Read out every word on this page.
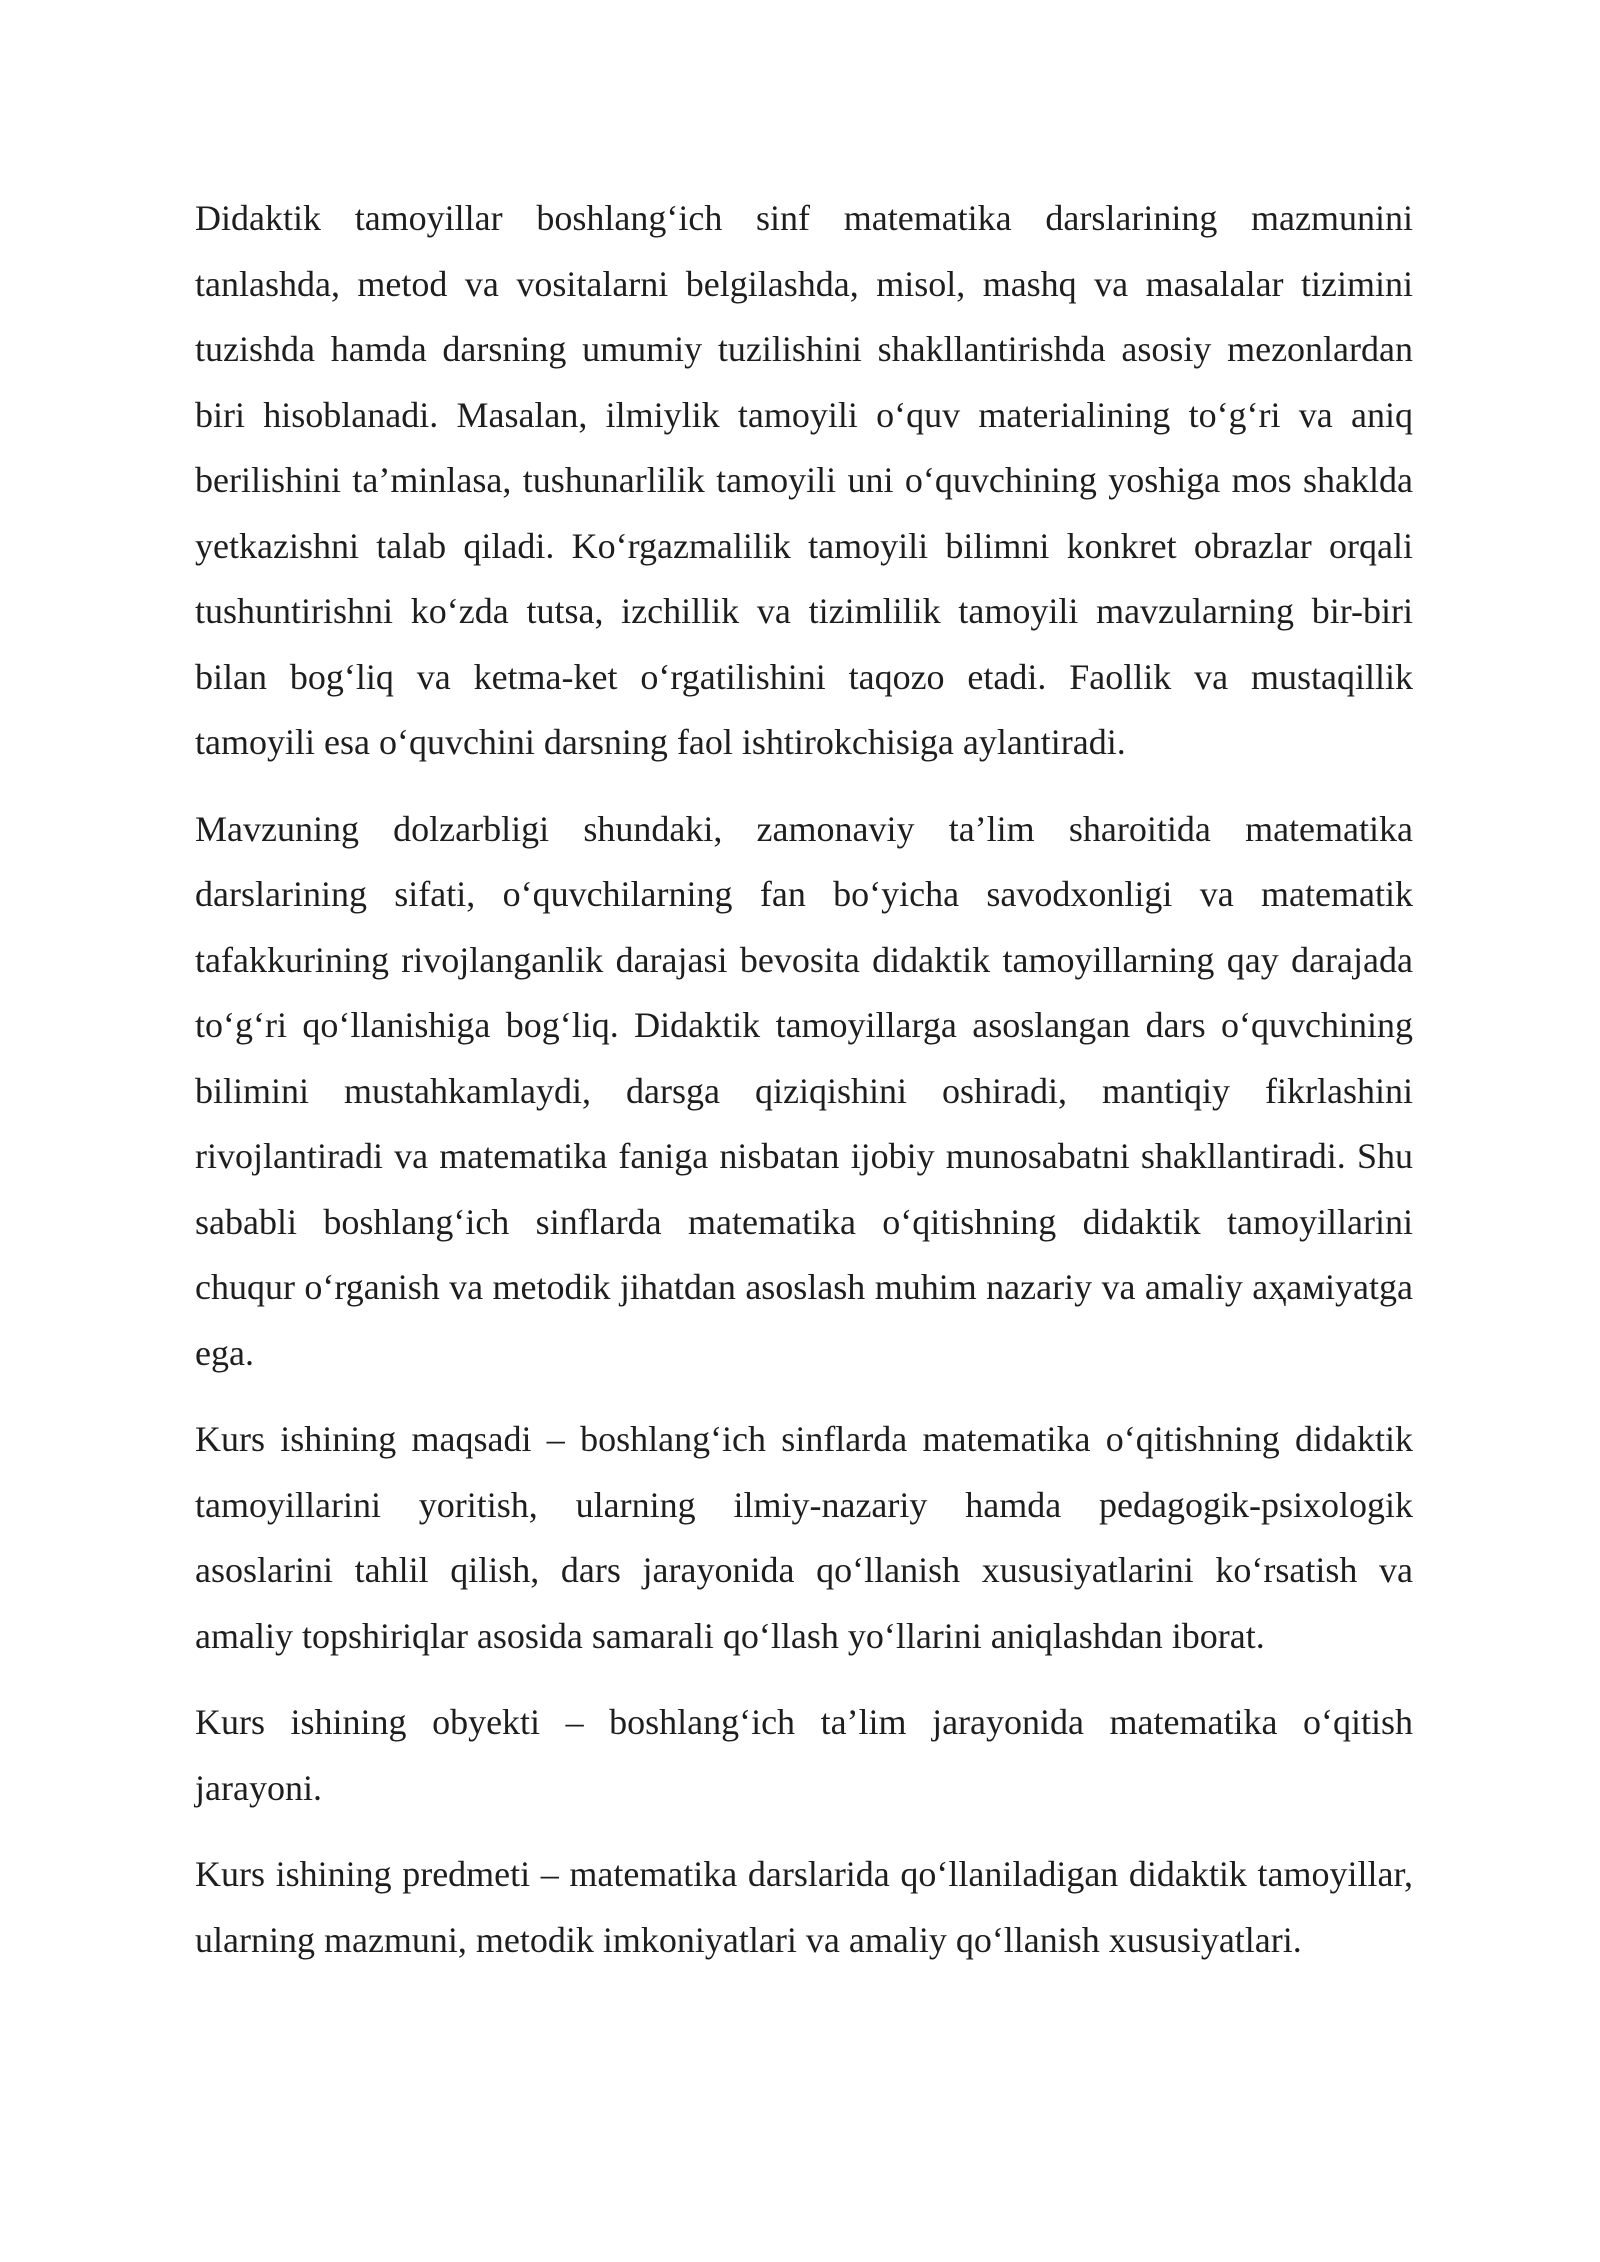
Didaktik tamoyillar boshlang‘ich sinf matematika darslarining mazmunini tanlashda, metod va vositalarni belgilashda, misol, mashq va masalalar tizimini tuzishda hamda darsning umumiy tuzilishini shakllantirishda asosiy mezonlardan biri hisoblanadi. Masalan, ilmiylik tamoyili o‘quv materialining to‘g‘ri va aniq berilishini ta’minlasa, tushunarlilik tamoyili uni o‘quvchining yoshiga mos shaklda yetkazishni talab qiladi. Ko‘rgazmalilik tamoyili bilimni konkret obrazlar orqali tushuntirishni ko‘zda tutsa, izchillik va tizimlilik tamoyili mavzularning bir-biri bilan bog‘liq va ketma-ket o‘rgatilishini taqozo etadi. Faollik va mustaqillik tamoyili esa o‘quvchini darsning faol ishtirokchisiga aylantiradi.

Mavzuning dolzarbligi shundaki, zamonaviy ta’lim sharoitida matematika darslarining sifati, o‘quvchilarning fan bo‘yicha savodxonligi va matematik tafakkurining rivojlanganlik darajasi bevosita didaktik tamoyillarning qay darajada to‘g‘ri qo‘llanishiga bog‘liq. Didaktik tamoyillarga asoslangan dars o‘quvchining bilimini mustahkamlaydi, darsga qiziqishini oshiradi, mantiqiy fikrlashini rivojlantiradi va matematika faniga nisbatan ijobiy munosabatni shakllantiradi. Shu sababli boshlang‘ich sinflarda matematika o‘qitishning didaktik tamoyillarini chuqur o‘rganish va metodik jihatdan asoslash muhim nazariy va amaliy aҳамiyatga ega.

Kurs ishining maqsadi – boshlang‘ich sinflarda matematika o‘qitishning didaktik tamoyillarini yoritish, ularning ilmiy-nazariy hamda pedagogik-psixologik asoslarini tahlil qilish, dars jarayonida qo‘llanish xususiyatlarini ko‘rsatish va amaliy topshiriqlar asosida samarali qo‘llash yo‘llarini aniqlashdan iborat.

Kurs ishining obyekti – boshlang‘ich ta’lim jarayonida matematika o‘qitish jarayoni.

Kurs ishining predmeti – matematika darslarida qo‘llaniladigan didaktik tamoyillar, ularning mazmuni, metodik imkoniyatlari va amaliy qo‘llanish xususiyatlari.
